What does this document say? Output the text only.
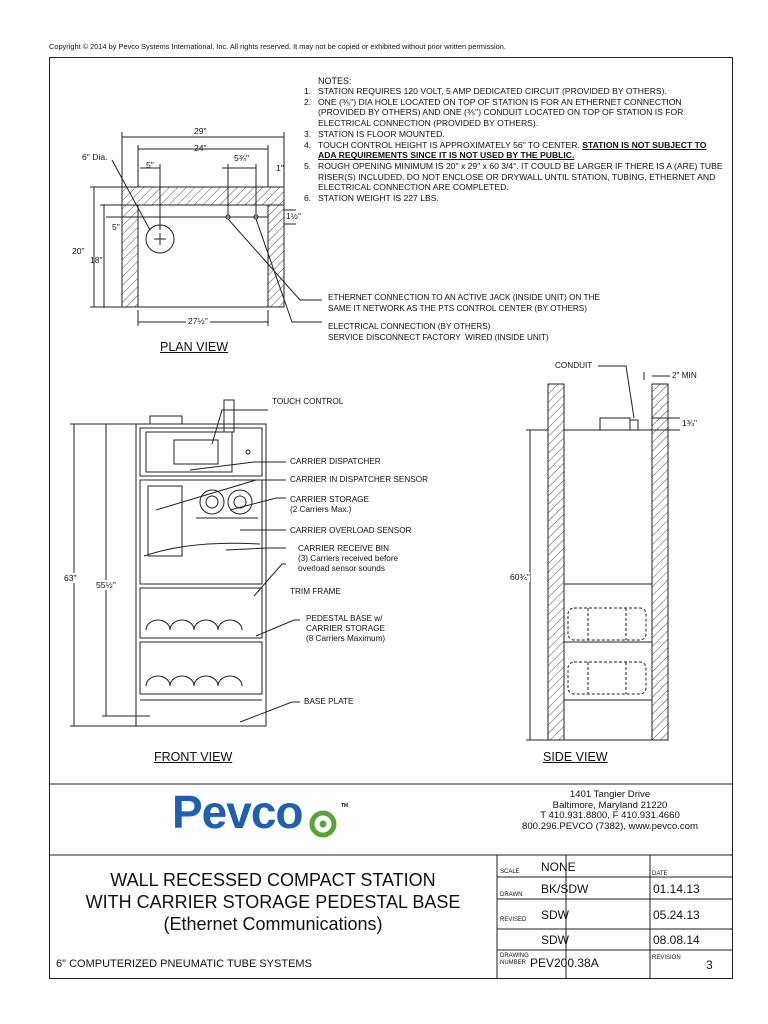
Copyright © 2014 by Pevco Systems International, Inc. All rights reserved. It may not be copied or exhibited without prior written permission.
NOTES:
1. STATION REQUIRES 120 VOLT, 5 AMP DEDICATED CIRCUIT (PROVIDED BY OTHERS).
2. ONE (⅗") DIA HOLE LOCATED ON TOP OF STATION IS FOR AN ETHERNET CONNECTION (PROVIDED BY OTHERS) AND ONE (⅗") CONDUIT LOCATED ON TOP OF STATION IS FOR ELECTRICAL CONNECTION (PROVIDED BY OTHERS).
3. STATION IS FLOOR MOUNTED.
4. TOUCH CONTROL HEIGHT IS APPROXIMATELY 56" TO CENTER. STATION IS NOT SUBJECT TO ADA REQUIREMENTS SINCE IT IS NOT USED BY THE PUBLIC.
5. ROUGH OPENING MINIMUM IS 20" x 29" x 60 3/4". IT COULD BE LARGER IF THERE IS A (ARE) TUBE RISER(S) INCLUDED. DO NOT ENCLOSE OR DRYWALL UNTIL STATION, TUBING, ETHERNET AND ELECTRICAL CONNECTION ARE COMPLETED.
6. STATION WEIGHT IS 227 LBS.
29"
24"
6" Dia.
5"
5¾"
1"
5"
1½"
20"
18"
27½"
ETHERNET CONNECTION TO AN ACTIVE JACK (INSIDE UNIT) ON THE
SAME IT NETWORK AS THE PTS CONTROL CENTER (BY OTHERS)
ELECTRICAL CONNECTION (BY OTHERS)
SERVICE DISCONNECT FACTORY  WIRED (INSIDE UNIT)
PLAN VIEW
TOUCH CONTROL
CARRIER DISPATCHER
CARRIER IN DISPATCHER SENSOR
CARRIER STORAGE
(2 Carriers Max.)
CARRIER OVERLOAD SENSOR
CARRIER RECEIVE BIN
(3) Carriers received before
overload sensor sounds
TRIM FRAME
PEDESTAL BASE w/
CARRIER STORAGE
(8 Carriers Maximum)
BASE PLATE
63"
55½"
FRONT VIEW
CONDUIT
2" MIN
1¾"
60¾"
SIDE VIEW
Pevco	TM
1401 Tangier Drive
Baltimore, Maryland 21220
T 410.931.8800, F 410.931.4660
800.296.PEVCO (7382), www.pevco.com
WALL RECESSED COMPACT STATION
WITH CARRIER STORAGE PEDESTAL BASE
(Ethernet Communications)
6" COMPUTERIZED PNEUMATIC TUBE SYSTEMS
SCALE NONE	DATE
DRAWN BK/SDW	01.14.13
REVISED SDW	05.24.13
SDW	08.08.14
DRAWING
NUMBER PEV200.38A	REVISION 3
